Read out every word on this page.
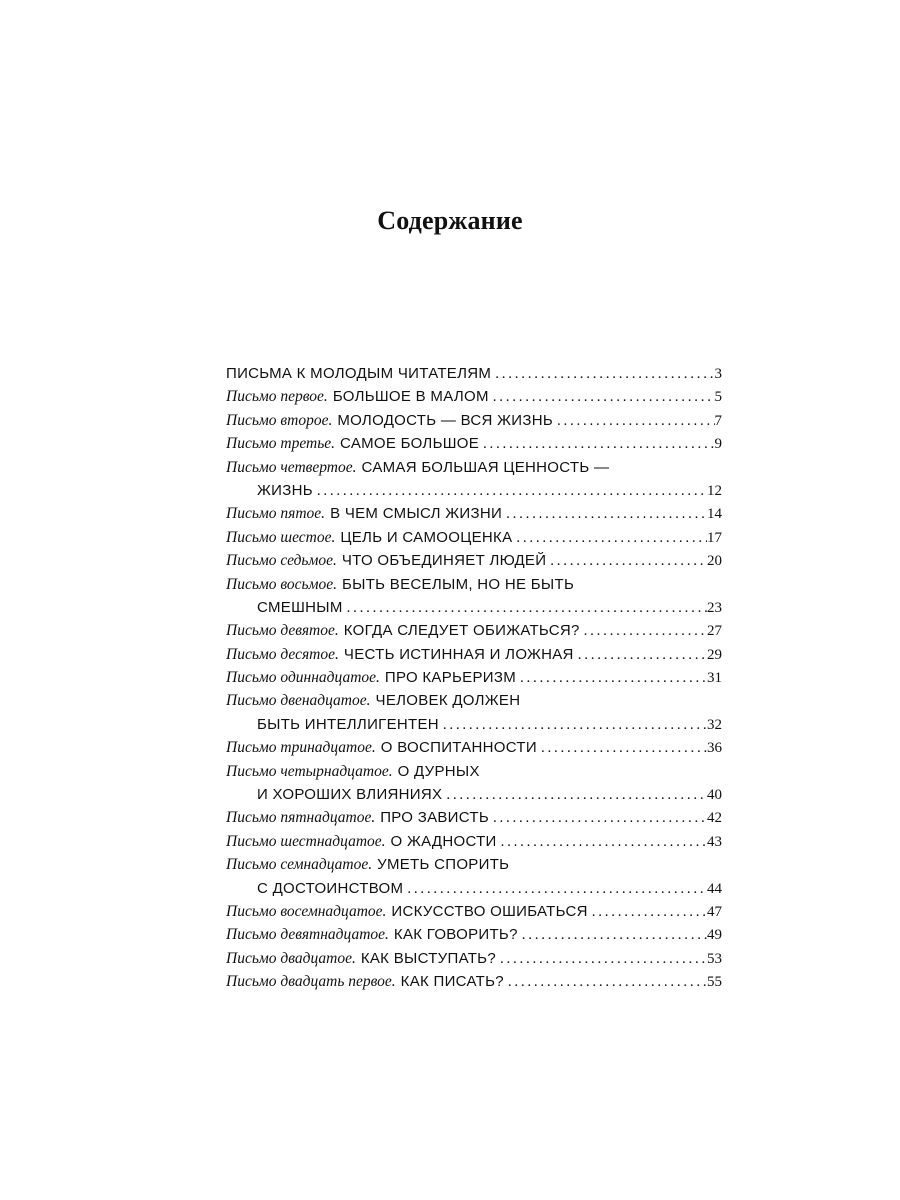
Содержание
ПИСЬМА К МОЛОДЫМ ЧИТАТЕЛЯМ . . .	3
Письмо первое. БОЛЬШОЕ В МАЛОМ . . .	5
Письмо второе. МОЛОДОСТЬ — ВСЯ ЖИЗНЬ . . .	7
Письмо третье. САМОЕ БОЛЬШОЕ . . .	9
Письмо четвертое. САМАЯ БОЛЬШАЯ ЦЕННОСТЬ —
ЖИЗНЬ . . .	12
Письмо пятое. В ЧЕМ СМЫСЛ ЖИЗНИ . . .	14
Письмо шестое. ЦЕЛЬ И САМООЦЕНКА . . .	17
Письмо седьмое. ЧТО ОБЪЕДИНЯЕТ ЛЮДЕЙ . . .	20
Письмо восьмое. БЫТЬ ВЕСЕЛЫМ, НО НЕ БЫТЬ
СМЕШНЫМ . . .	23
Письмо девятое. КОГДА СЛЕДУЕТ ОБИЖАТЬСЯ? . . .	27
Письмо десятое. ЧЕСТЬ ИСТИННАЯ И ЛОЖНАЯ . . .	29
Письмо одиннадцатое. ПРО КАРЬЕРИЗМ . . .	31
Письмо двенадцатое. ЧЕЛОВЕК ДОЛЖЕН
БЫТЬ ИНТЕЛЛИГЕНТЕН . . .	32
Письмо тринадцатое. О ВОСПИТАННОСТИ . . .	36
Письмо четырнадцатое. О ДУРНЫХ
И ХОРОШИХ ВЛИЯНИЯХ . . .	40
Письмо пятнадцатое. ПРО ЗАВИСТЬ . . .	42
Письмо шестнадцатое. О ЖАДНОСТИ . . .	43
Письмо семнадцатое. УМЕТЬ СПОРИТЬ
С ДОСТОИНСТВОМ . . .	44
Письмо восемнадцатое. ИСКУССТВО ОШИБАТЬСЯ . . .	47
Письмо девятнадцатое. КАК ГОВОРИТЬ? . . .	49
Письмо двадцатое. КАК ВЫСТУПАТЬ? . . .	53
Письмо двадцать первое. КАК ПИСАТЬ? . . .	55
